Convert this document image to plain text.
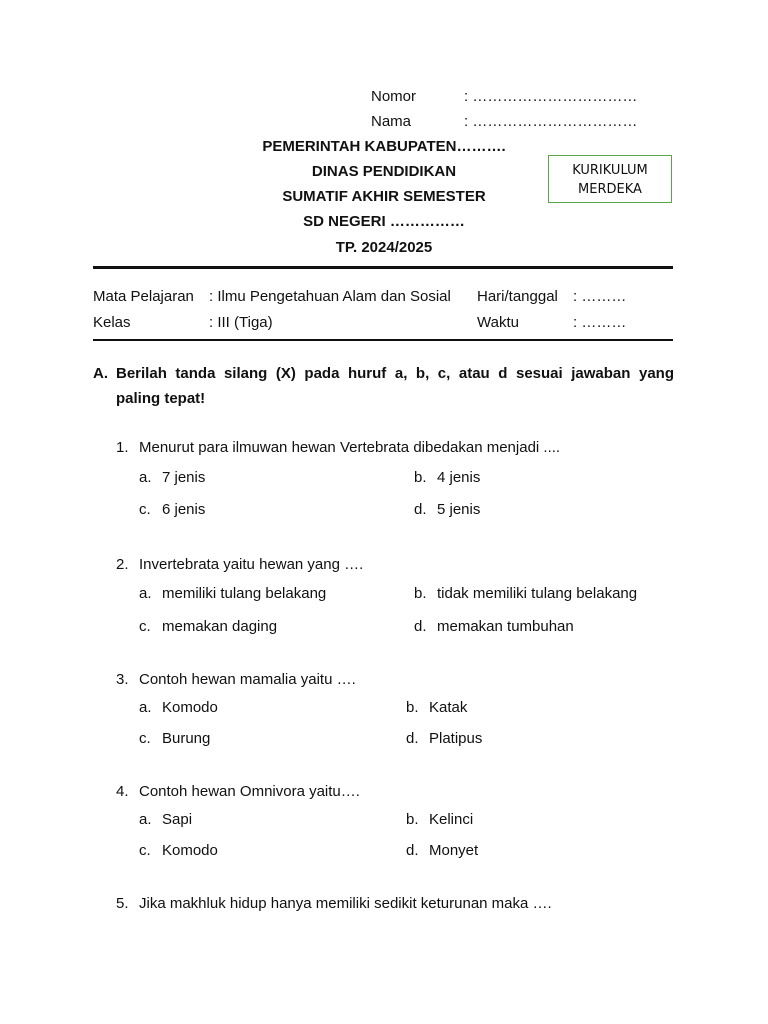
Nomor	: ……………………………
Nama	: ……………………………
PEMERINTAH KABUPATEN……….
DINAS PENDIDIKAN
SUMATIF AKHIR SEMESTER
SD NEGERI ……………
TP. 2024/2025
KURIKULUM
MERDEKA
Mata Pelajaran : Ilmu Pengetahuan Alam dan Sosial Hari/tanggal : ………
Kelas	: III (Tiga)	Waktu	: ………
A. Berilah tanda silang (X) pada huruf a, b, c, atau d sesuai jawaban yang
paling tepat!
1. Menurut para ilmuwan hewan Vertebrata dibedakan menjadi ....
a. 7 jenis	b. 4 jenis
c. 6 jenis	d. 5 jenis
2. Invertebrata yaitu hewan yang ….
a. memiliki tulang belakang	b. tidak memiliki tulang belakang
c. memakan daging	d. memakan tumbuhan
3. Contoh hewan mamalia yaitu ….
a. Komodo	b. Katak
c. Burung	d. Platipus
4. Contoh hewan Omnivora yaitu….
a. Sapi	b. Kelinci
c. Komodo	d. Monyet
5. Jika makhluk hidup hanya memiliki sedikit keturunan maka ….
